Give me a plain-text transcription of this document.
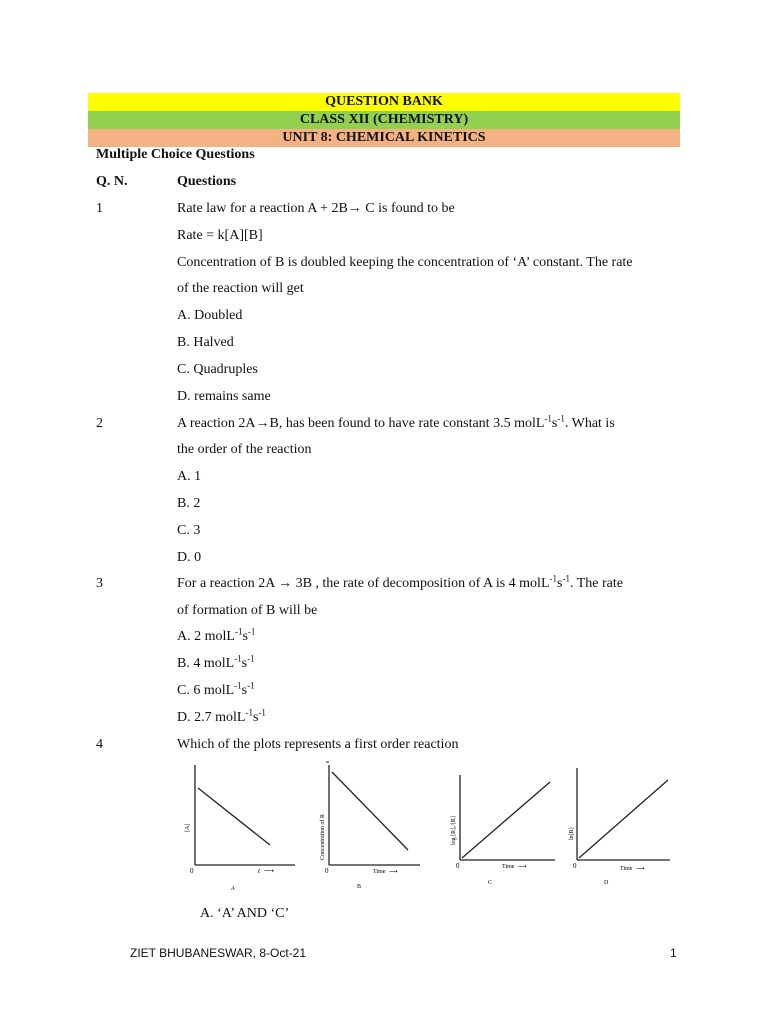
QUESTION BANK
CLASS XII (CHEMISTRY)
UNIT 8: CHEMICAL KINETICS
Multiple Choice Questions
Q. N.	Questions
1	Rate law for a reaction A + 2B→ C is found to be
Rate = k[A][B]
Concentration of B is doubled keeping the concentration of ‘A’ constant. The rate
of the reaction will get
A. Doubled
B. Halved
C. Quadruples
D. remains same
2	A reaction 2A→B, has been found to have rate constant 3.5 $molL^{-1}s^{-1}$. What is
the order of the reaction
A. 1
B. 2
C. 3
D. 0
3	For a reaction 2A → 3B , the rate of decomposition of A is 4 $molL^{-1}s^{-1}$. The rate
of formation of B will be
A. 2 $molL^{-1}s^{-1}$
B. 4 $molL^{-1}s^{-1}$
C. 6 $molL^{-1}s^{-1}$
D. 2.7 $molL^{-1}s^{-1}$
4	Which of the plots represents a first order reaction
[A]
t ⟶
0
A
Concentration of R
Time ⟶
0
B
log [R]₀/[R]
Time ⟶
0
C
ln[R]
Time ⟶
0
D
A. ‘A’ AND ‘C’
ZIET BHUBANESWAR, 8-Oct-21	1
